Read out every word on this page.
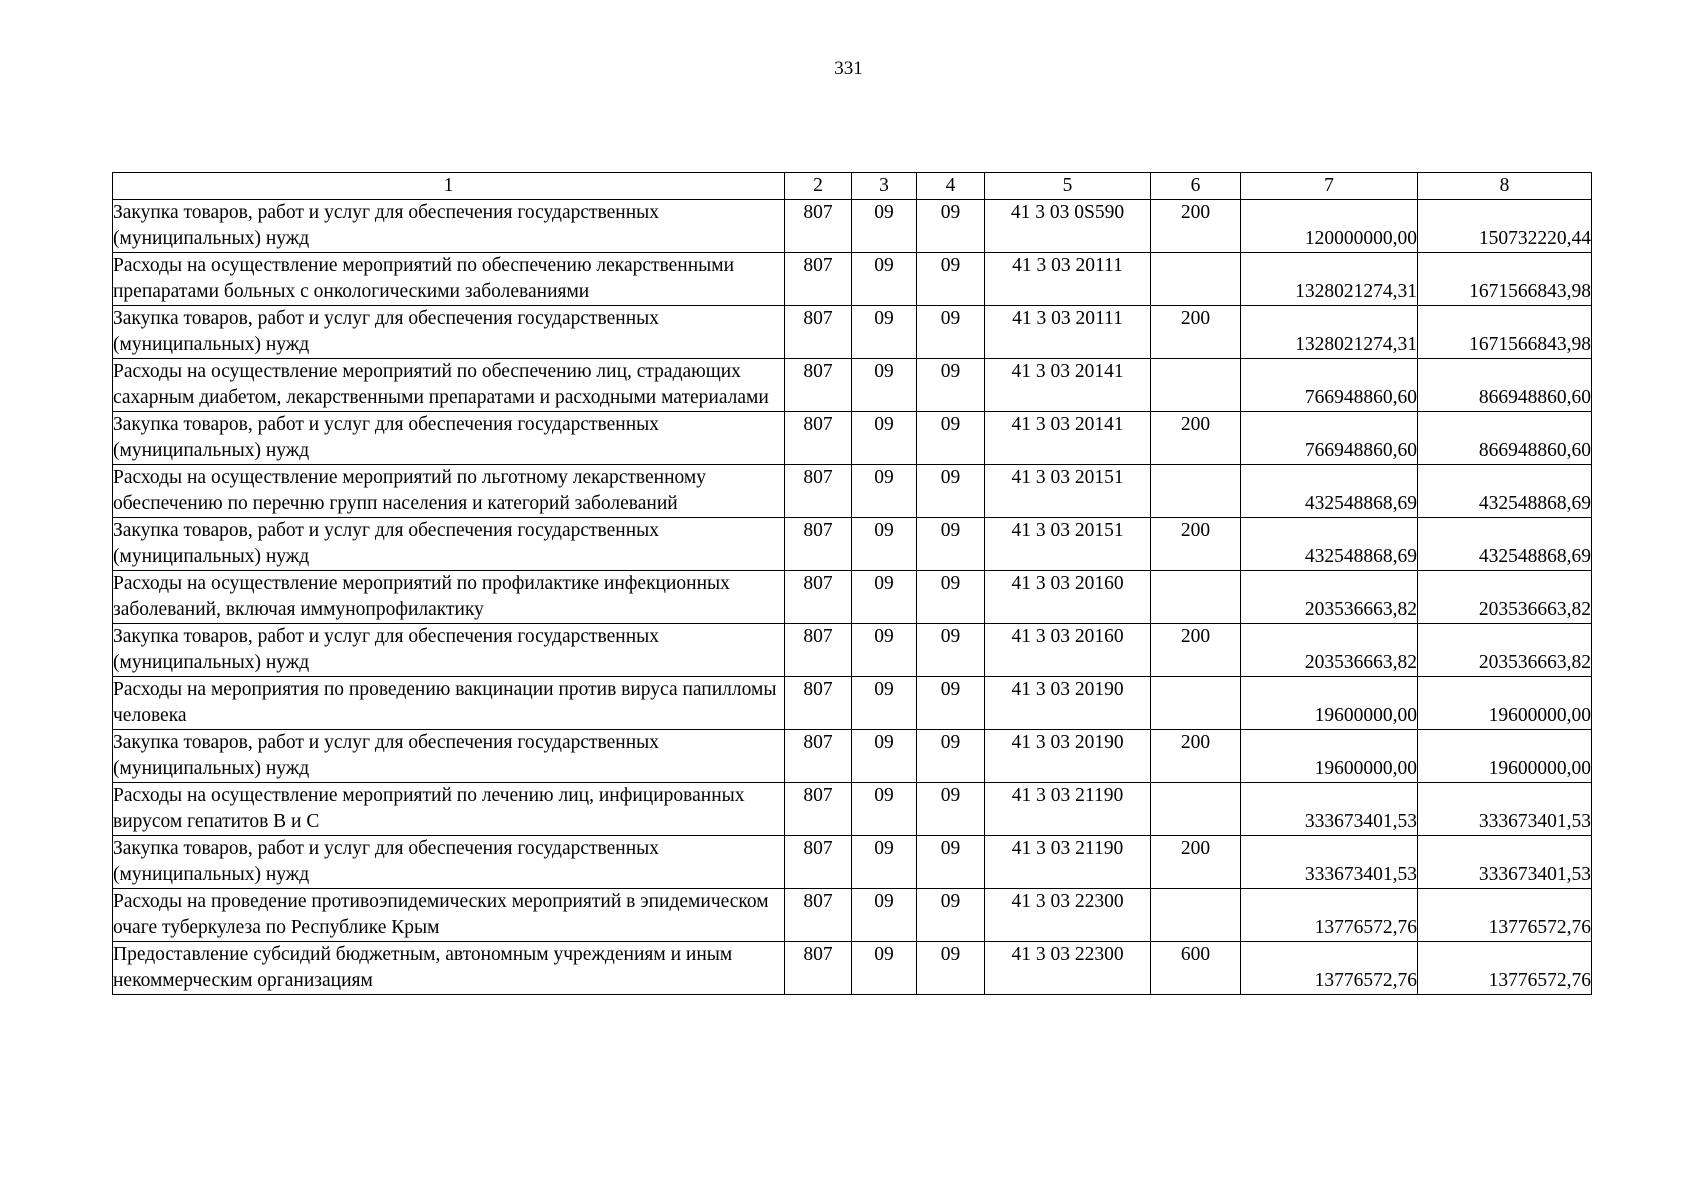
331
1	2	3	4	5	6	7	8
Закупка товаров, работ и услуг для обеспечения государственных (муниципальных) нужд	807	09	09	41 3 03 0S590	200	120000000,00	150732220,44
Расходы на осуществление мероприятий по обеспечению лекарственными препаратами больных с онкологическими заболеваниями	807	09	09	41 3 03 20111		1328021274,31	1671566843,98
Закупка товаров, работ и услуг для обеспечения государственных (муниципальных) нужд	807	09	09	41 3 03 20111	200	1328021274,31	1671566843,98
Расходы на осуществление мероприятий по обеспечению лиц, страдающих сахарным диабетом, лекарственными препаратами и расходными материалами	807	09	09	41 3 03 20141		766948860,60	866948860,60
Закупка товаров, работ и услуг для обеспечения государственных (муниципальных) нужд	807	09	09	41 3 03 20141	200	766948860,60	866948860,60
Расходы на осуществление мероприятий по льготному лекарственному обеспечению по перечню групп населения и категорий заболеваний	807	09	09	41 3 03 20151		432548868,69	432548868,69
Закупка товаров, работ и услуг для обеспечения государственных (муниципальных) нужд	807	09	09	41 3 03 20151	200	432548868,69	432548868,69
Расходы на осуществление мероприятий по профилактике инфекционных заболеваний, включая иммунопрофилактику	807	09	09	41 3 03 20160		203536663,82	203536663,82
Закупка товаров, работ и услуг для обеспечения государственных (муниципальных) нужд	807	09	09	41 3 03 20160	200	203536663,82	203536663,82
Расходы на мероприятия по проведению вакцинации против вируса папилломы человека	807	09	09	41 3 03 20190		19600000,00	19600000,00
Закупка товаров, работ и услуг для обеспечения государственных (муниципальных) нужд	807	09	09	41 3 03 20190	200	19600000,00	19600000,00
Расходы на осуществление мероприятий по лечению лиц, инфицированных вирусом гепатитов B и C	807	09	09	41 3 03 21190		333673401,53	333673401,53
Закупка товаров, работ и услуг для обеспечения государственных (муниципальных) нужд	807	09	09	41 3 03 21190	200	333673401,53	333673401,53
Расходы на проведение противоэпидемических мероприятий в эпидемическом очаге туберкулеза по Республике Крым	807	09	09	41 3 03 22300		13776572,76	13776572,76
Предоставление субсидий бюджетным, автономным учреждениям и иным некоммерческим организациям	807	09	09	41 3 03 22300	600	13776572,76	13776572,76
